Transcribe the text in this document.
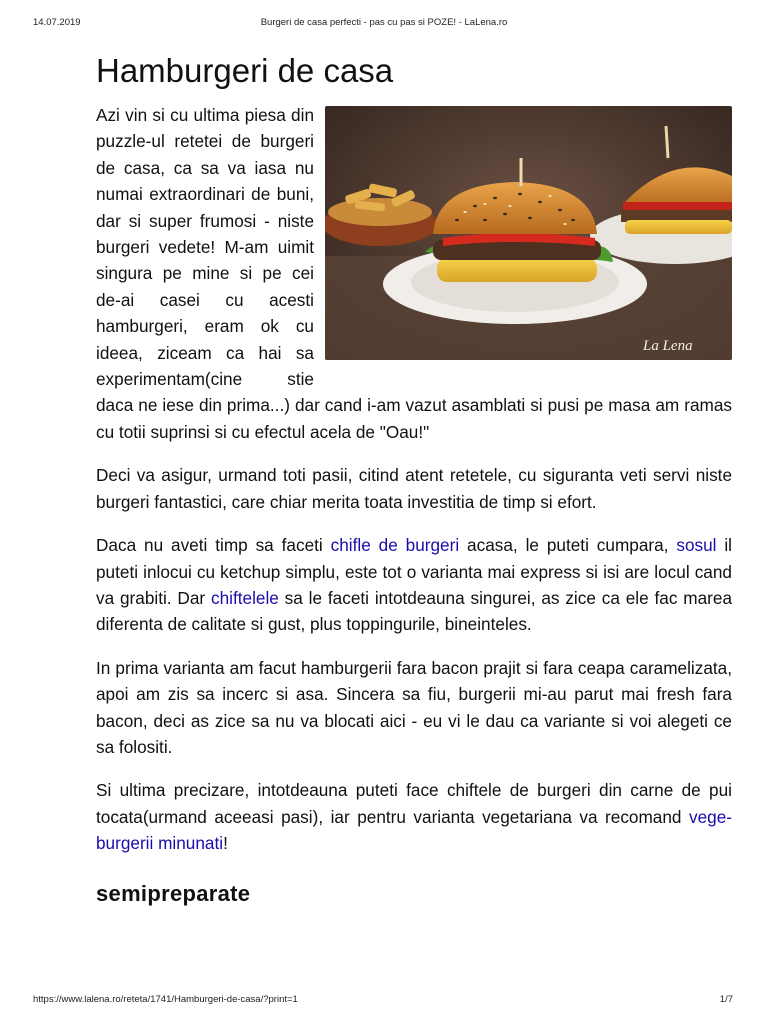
14.07.2019	Burgeri de casa perfecti - pas cu pas si POZE! - LaLena.ro
Hamburgeri de casa

La Lena
Azi vin si cu ultima piesa din puzzle-ul retetei de burgeri de casa, ca sa va iasa nu numai extraordinari de buni, dar si super frumosi - niste burgeri vedete! M-am uimit singura pe mine si pe cei de-ai casei cu acesti hamburgeri, eram ok cu ideea, ziceam ca hai sa experimentam(cine stie daca ne iese din prima...) dar cand i-am vazut asamblati si pusi pe masa am ramas cu totii suprinsi si cu efectul acela de "Oau!"

Deci va asigur, urmand toti pasii, citind atent retetele, cu siguranta veti servi niste burgeri fantastici, care chiar merita toata investitia de timp si efort.

Daca nu aveti timp sa faceti chifle de burgeri acasa, le puteti cumpara, sosul il puteti inlocui cu ketchup simplu, este tot o varianta mai express si isi are locul cand va grabiti. Dar chiftelele sa le faceti intotdeauna singurei, as zice ca ele fac marea diferenta de calitate si gust, plus toppingurile, bineinteles.

In prima varianta am facut hamburgerii fara bacon prajit si fara ceapa caramelizata, apoi am zis sa incerc si asa. Sincera sa fiu, burgerii mi-au parut mai fresh fara bacon, deci as zice sa nu va blocati aici - eu vi le dau ca variante si voi alegeti ce sa folositi.

Si ultima precizare, intotdeauna puteti face chiftele de burgeri din carne de pui tocata(urmand aceeasi pasi), iar pentru varianta vegetariana va recomand vege-burgerii minunati!

semipreparate
https://www.lalena.ro/reteta/1741/Hamburgeri-de-casa/?print=1	1/7
